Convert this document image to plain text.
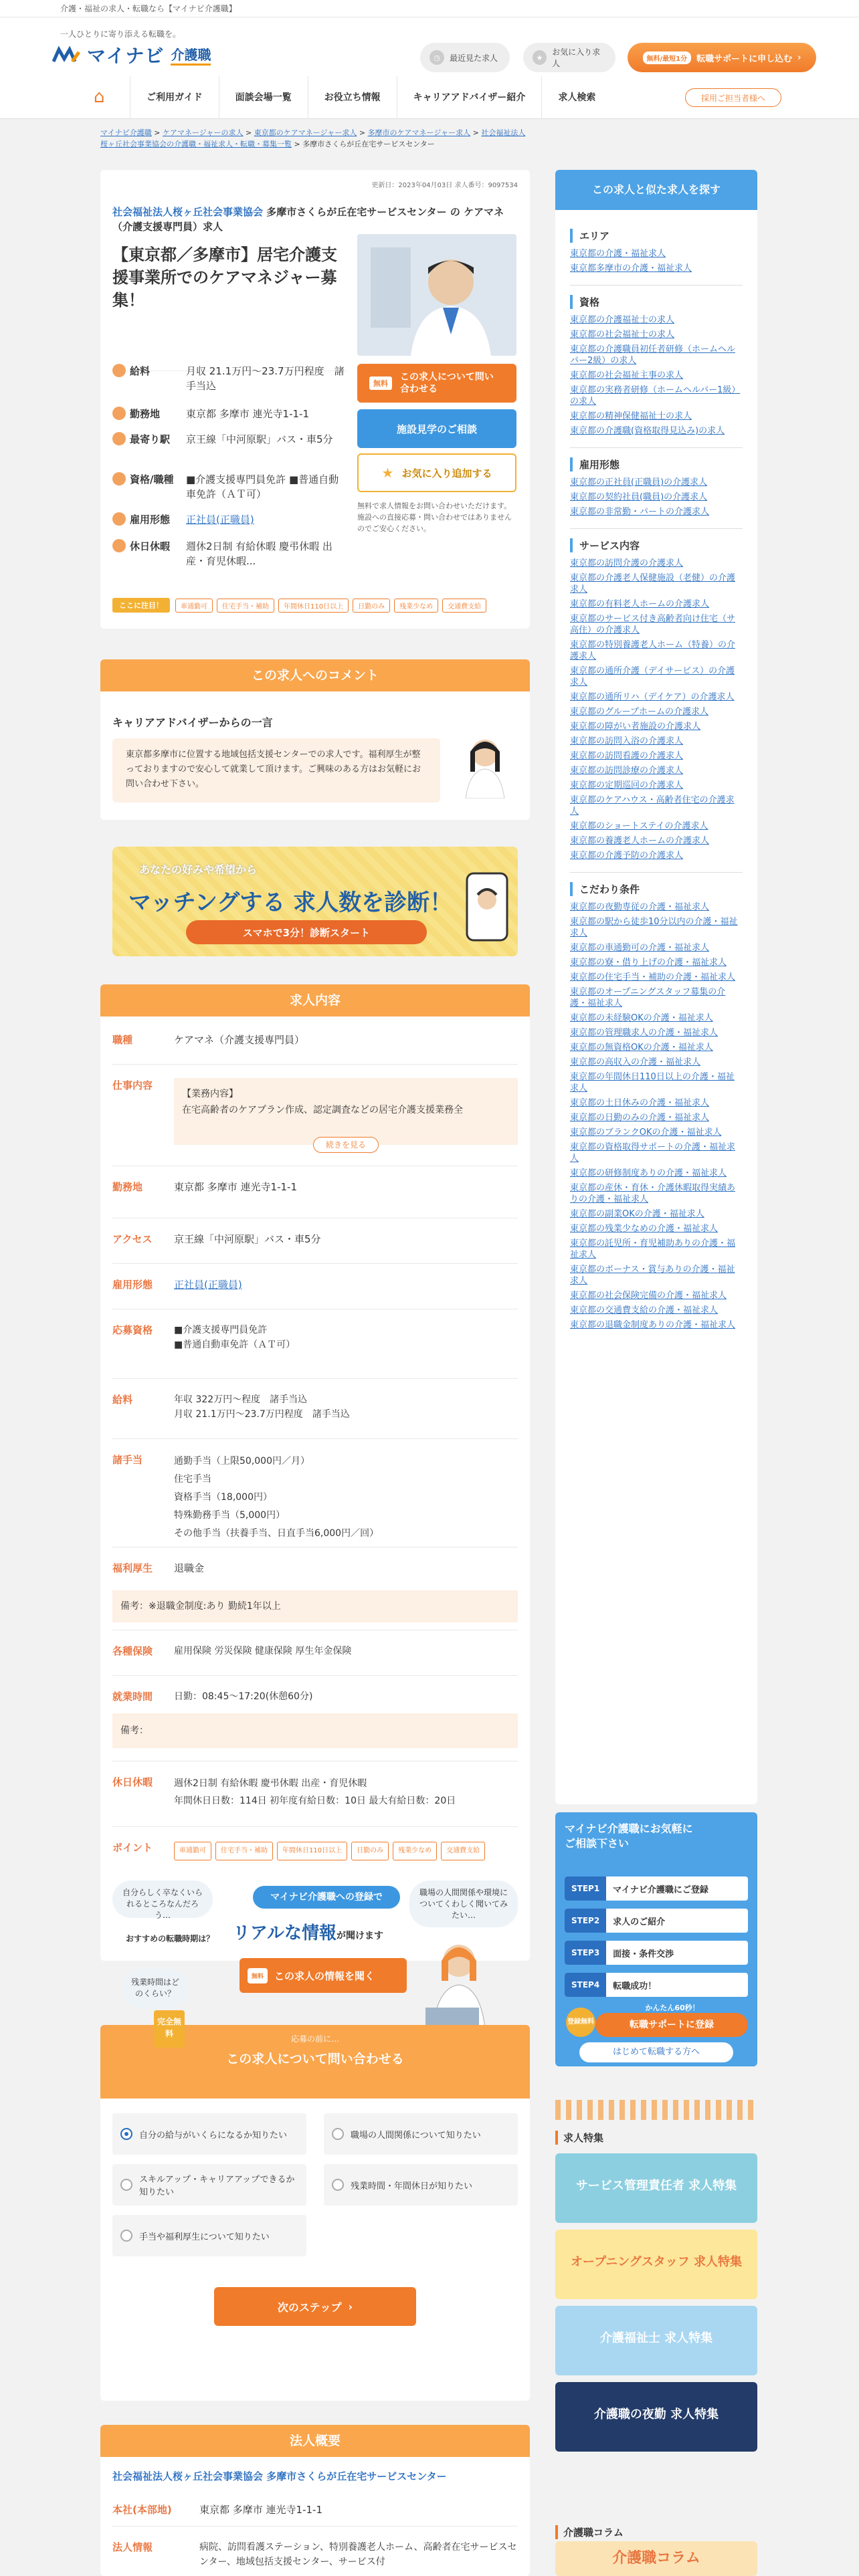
介護・福祉の求人・転職なら【マイナビ介護職】
一人ひとりに寄り添える転職を。
マイナビ 介護職	◷	最近見た求人	★
お気に入り求人	無料/最短1分	転職サポートに申し込む ›
⌂	ご利用ガイド	面談会場一覧	お役立ち情報	キャリアアドバイザー紹介	求人検索	採用ご担当者様へ
マイナビ介護職 > ケアマネージャーの求人 > 東京都のケアマネージャー求人 > 多摩市のケアマネージャー求人 > 社会福祉法人桜ヶ丘社会事業協会の介護職・福祉求人・転職・募集一覧 > 多摩市さくらが丘在宅サービスセンター
更新日：2023年04月03日 求人番号：9097534
社会福祉法人桜ヶ丘社会事業協会 多摩市さくらが丘在宅サービスセンター の ケアマネ（介護支援専門員）求人
【東京都／多摩市】居宅介護支援事業所でのケアマネジャー募集！
給料	月収 21.1万円〜23.7万円程度　諸手当込
勤務地	東京都 多摩市 連光寺1-1-1
最寄り駅 京王線「中河原駅」バス・車5分
資格/職種 ■介護支援専門員免許 ■普通自動車免許（ＡＴ可）
雇用形態 正社員(正職員)
休日休暇 週休2日制 有給休暇 慶弔休暇 出産・育児休暇...
無料
この求人について問い合わせる
施設見学のご相談
★ お気に入り追加する
無料で求人情報をお問い合わせいただけます。施設への直接応募・問い合わせではありませんのでご安心ください。
ここに注目！	車通勤可	住宅手当・補助	年間休日110日以上	日勤のみ	残業少なめ	交通費支給
この求人へのコメント
キャリアアドバイザーからの一言
東京都多摩市に位置する地域包括支援センターでの求人です。福利厚生が整っておりますので安心して就業して頂けます。ご興味のある方はお気軽にお問い合わせ下さい。
あなたの好みや希望から
マッチングする 求人数を診断！
スマホで3分！診断スタート
求人内容
職種	ケアマネ（介護支援専門員）
仕事内容
【業務内容】
在宅高齢者のケアプラン作成、認定調査などの居宅介護支援業務全
続きを見る
勤務地	東京都 多摩市 連光寺1-1-1
アクセス	京王線「中河原駅」バス・車5分
雇用形態	正社員(正職員)
応募資格	■介護支援専門員免許
■普通自動車免許（ＡＴ可）
給料	年収 322万円〜程度　諸手当込
月収 21.1万円〜23.7万円程度　諸手当込
諸手当	通勤手当（上限50,000円／月）
住宅手当
資格手当（18,000円）
特殊勤務手当（5,000円）
その他手当（扶養手当、日直手当6,000円／回）
福利厚生	退職金
備考：※退職金制度:あり 勤続1年以上
各種保険	雇用保険 労災保険 健康保険 厚生年金保険
就業時間	日勤：08:45〜17:20(休憩60分)
備考：
休日休暇	週休2日制 有給休暇 慶弔休暇 出産・育児休暇
年間休日日数：114日 初年度有給日数：10日 最大有給日数：20日
ポイント	車通勤可 住宅手当・補助 年間休日110日以上 日勤のみ 残業少なめ 交通費支給
自分らしく卒なくいられるところなんだろう…
おすすめの転職時期は？
残業時間はどのくらい？
職場の人間関係や環境についてくわしく聞いてみたい…
マイナビ介護職への登録で
リアルな情報が聞けます
無料	この求人の情報を聞く
完全無料
応募の前に…
この求人について問い合わせる
自分の給与がいくらになるか知りたい	職場の人間関係について知りたい
スキルアップ・キャリアアップできるか知りたい
残業時間・年間休日が知りたい
手当や福利厚生について知りたい
次のステップ ›
法人概要
社会福祉法人桜ヶ丘社会事業協会 多摩市さくらが丘在宅サービスセンター
本社(本部地)	東京都 多摩市 連光寺1-1-1
法人情報	病院、訪問看護ステーション、特別養護老人ホーム、高齢者在宅サービスセンター、地域包括支援センター、サービス付
この求人と似た求人を探す
エリア
東京都の介護・福祉求人
東京都多摩市の介護・福祉求人
資格
東京都の介護福祉士の求人
東京都の社会福祉士の求人
東京都の介護職員初任者研修（ホームヘルパー2級）の求人
東京都の社会福祉主事の求人
東京都の実務者研修（ホームヘルパー1級）の求人
東京都の精神保健福祉士の求人
東京都の介護職(資格取得見込み)の求人
雇用形態
東京都の正社員(正職員)の介護求人
東京都の契約社員(職員)の介護求人
東京都の非常勤・パートの介護求人
サービス内容
東京都の訪問介護の介護求人
東京都の介護老人保健施設（老健）の介護求人
東京都の有料老人ホームの介護求人
東京都のサービス付き高齢者向け住宅（サ高住）の介護求人
東京都の特別養護老人ホーム（特養）の介護求人
東京都の通所介護（デイサービス）の介護求人
東京都の通所リハ（デイケア）の介護求人
東京都のグループホームの介護求人
東京都の障がい者施設の介護求人
東京都の訪問入浴の介護求人
東京都の訪問看護の介護求人
東京都の訪問診療の介護求人
東京都の定期巡回の介護求人
東京都のケアハウス・高齢者住宅の介護求人
東京都のショートステイの介護求人
東京都の養護老人ホームの介護求人
東京都の介護予防の介護求人
こだわり条件
東京都の夜勤専従の介護・福祉求人
東京都の駅から徒歩10分以内の介護・福祉求人
東京都の車通勤可の介護・福祉求人
東京都の寮・借り上げの介護・福祉求人
東京都の住宅手当・補助の介護・福祉求人
東京都のオープニングスタッフ募集の介護・福祉求人
東京都の未経験OKの介護・福祉求人
東京都の管理職求人の介護・福祉求人
東京都の無資格OKの介護・福祉求人
東京都の高収入の介護・福祉求人
東京都の年間休日110日以上の介護・福祉求人
東京都の土日休みの介護・福祉求人
東京都の日勤のみの介護・福祉求人
東京都のブランクOKの介護・福祉求人
東京都の資格取得サポートの介護・福祉求人
東京都の研修制度ありの介護・福祉求人
東京都の産休・育休・介護休暇取得実績ありの介護・福祉求人
東京都の副業OKの介護・福祉求人
東京都の残業少なめの介護・福祉求人
東京都の託児所・育児補助ありの介護・福祉求人
東京都のボーナス・賞与ありの介護・福祉求人
東京都の社会保険完備の介護・福祉求人
東京都の交通費支給の介護・福祉求人
東京都の退職金制度ありの介護・福祉求人
マイナビ介護職にお気軽にご相談下さい
STEP1	マイナビ介護職にご登録
STEP2	求人のご紹介
STEP3	面接・条件交渉
STEP4	転職成功！
登録無料
かんたん60秒！
転職サポートに登録
はじめて転職する方へ
求人特集
サービス管理責任者 求人特集
オープニングスタッフ 求人特集
介護福祉士 求人特集
介護職の夜勤 求人特集
介護職コラム
介護職コラム
